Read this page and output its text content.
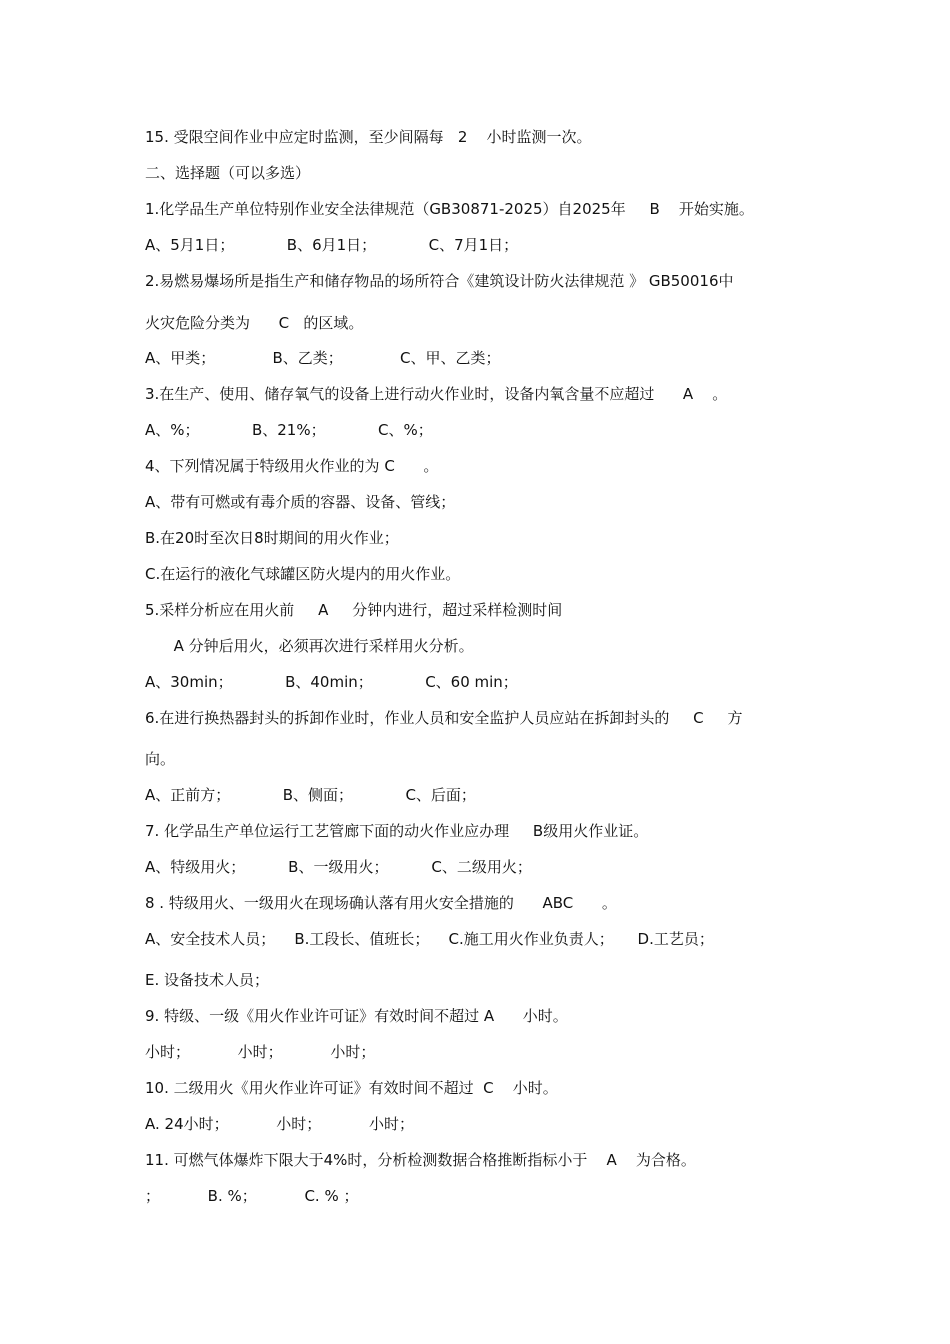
15. 受限空间作业中应定时监测，至少间隔每   2    小时监测一次。
二、选择题（可以多选）
1.化学品生产单位特别作业安全法律规范（GB30871-2025）自2025年     B    开始实施。
A、5月1日；           B、6月1日；           C、7月1日；
2.易燃易爆场所是指生产和储存物品的场所符合《建筑设计防火法律规范 》 GB50016中
火灾危险分类为      C   的区域。
A、甲类；            B、乙类；            C、甲、乙类；
3.在生产、使用、储存氧气的设备上进行动火作业时，设备内氧含量不应超过      A    。
A、%；           B、21%；           C、%；
4、下列情况属于特级用火作业的为 C      。
A、带有可燃或有毒介质的容器、设备、管线；
B.在20时至次日8时期间的用火作业；
C.在运行的液化气球罐区防火堤内的用火作业。
5.采样分析应在用火前     A     分钟内进行，超过采样检测时间
A 分钟后用火，必须再次进行采样用火分析。
A、30min；           B、40min；           C、60 min；
6.在进行换热器封头的拆卸作业时，作业人员和安全监护人员应站在拆卸封头的     C     方
向。
A、正前方；           B、侧面；           C、后面；
7. 化学品生产单位运行工艺管廊下面的动火作业应办理     B级用火作业证。
A、特级用火；         B、一级用火；         C、二级用火；
8 . 特级用火、一级用火在现场确认落有用火安全措施的      ABC      。
A、安全技术人员；    B.工段长、值班长；    C.施工用火作业负责人；     D.工艺员；
E. 设备技术人员；
9. 特级、一级《用火作业许可证》有效时间不超过 A      小时。
小时；          小时；          小时；
10. 二级用火《用火作业许可证》有效时间不超过  C    小时。
A. 24小时；          小时；          小时；
11. 可燃气体爆炸下限大于4%时，分析检测数据合格推断指标小于    A    为合格。
；          B. %；          C. % ；
